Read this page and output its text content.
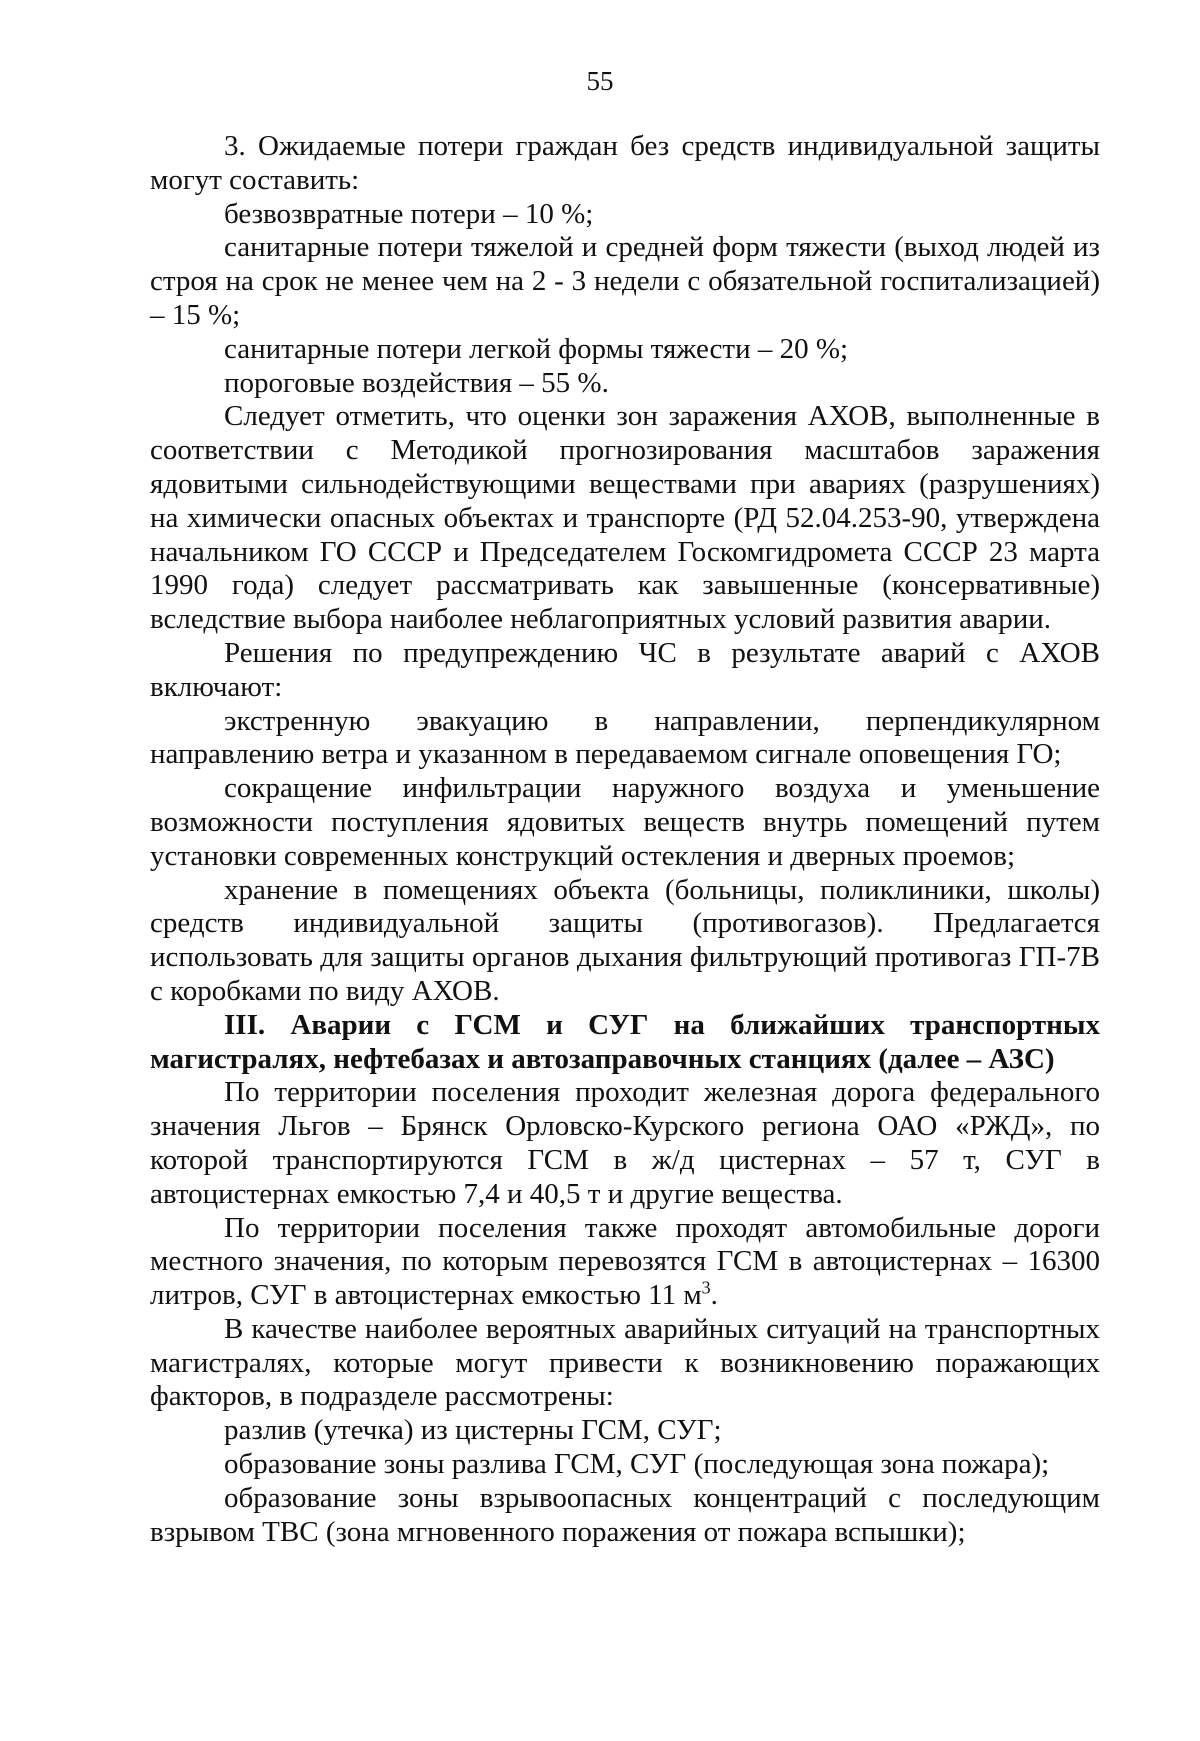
55

3. Ожидаемые потери граждан без средств индивидуальной защиты могут составить:

безвозвратные потери – 10 %;

санитарные потери тяжелой и средней форм тяжести (выход людей из строя на срок не менее чем на 2 - 3 недели с обязательной госпитализацией) – 15 %;

санитарные потери легкой формы тяжести – 20 %;

пороговые воздействия – 55 %.

Следует отметить, что оценки зон заражения АХОВ, выполненные в соответствии с Методикой прогнозирования масштабов заражения ядовитыми сильнодействующими веществами при авариях (разрушениях) на химически опасных объектах и транспорте (РД 52.04.253-90, утверждена начальником ГО СССР и Председателем Госкомгидромета СССР 23 марта 1990 года) следует рассматривать как завышенные (консервативные) вследствие выбора наиболее неблагоприятных условий развития аварии.

Решения по предупреждению ЧС в результате аварий с АХОВ включают:

экстренную эвакуацию в направлении, перпендикулярном направлению ветра и указанном в передаваемом сигнале оповещения ГО;

сокращение инфильтрации наружного воздуха и уменьшение возможности поступления ядовитых веществ внутрь помещений путем установки современных конструкций остекления и дверных проемов;

хранение в помещениях объекта (больницы, поликлиники, школы) средств индивидуальной защиты (противогазов). Предлагается использовать для защиты органов дыхания фильтрующий противогаз ГП-7В с коробками по виду АХОВ.

III. Аварии с ГСМ и СУГ на ближайших транспортных магистралях, нефтебазах и автозаправочных станциях (далее – АЗС)

По территории поселения проходит железная дорога федерального значения Льгов – Брянск Орловско-Курского региона ОАО «РЖД», по которой транспортируются ГСМ в ж/д цистернах – 57 т, СУГ в автоцистернах емкостью 7,4 и 40,5 т и другие вещества.

По территории поселения также проходят автомобильные дороги местного значения, по которым перевозятся ГСМ в автоцистернах – 16300 литров, СУГ в автоцистернах емкостью 11 $м^3$.

В качестве наиболее вероятных аварийных ситуаций на транспортных магистралях, которые могут привести к возникновению поражающих факторов, в подразделе рассмотрены:

разлив (утечка) из цистерны ГСМ, СУГ;

образование зоны разлива ГСМ, СУГ (последующая зона пожара);

образование зоны взрывоопасных концентраций с последующим взрывом ТВС (зона мгновенного поражения от пожара вспышки);
